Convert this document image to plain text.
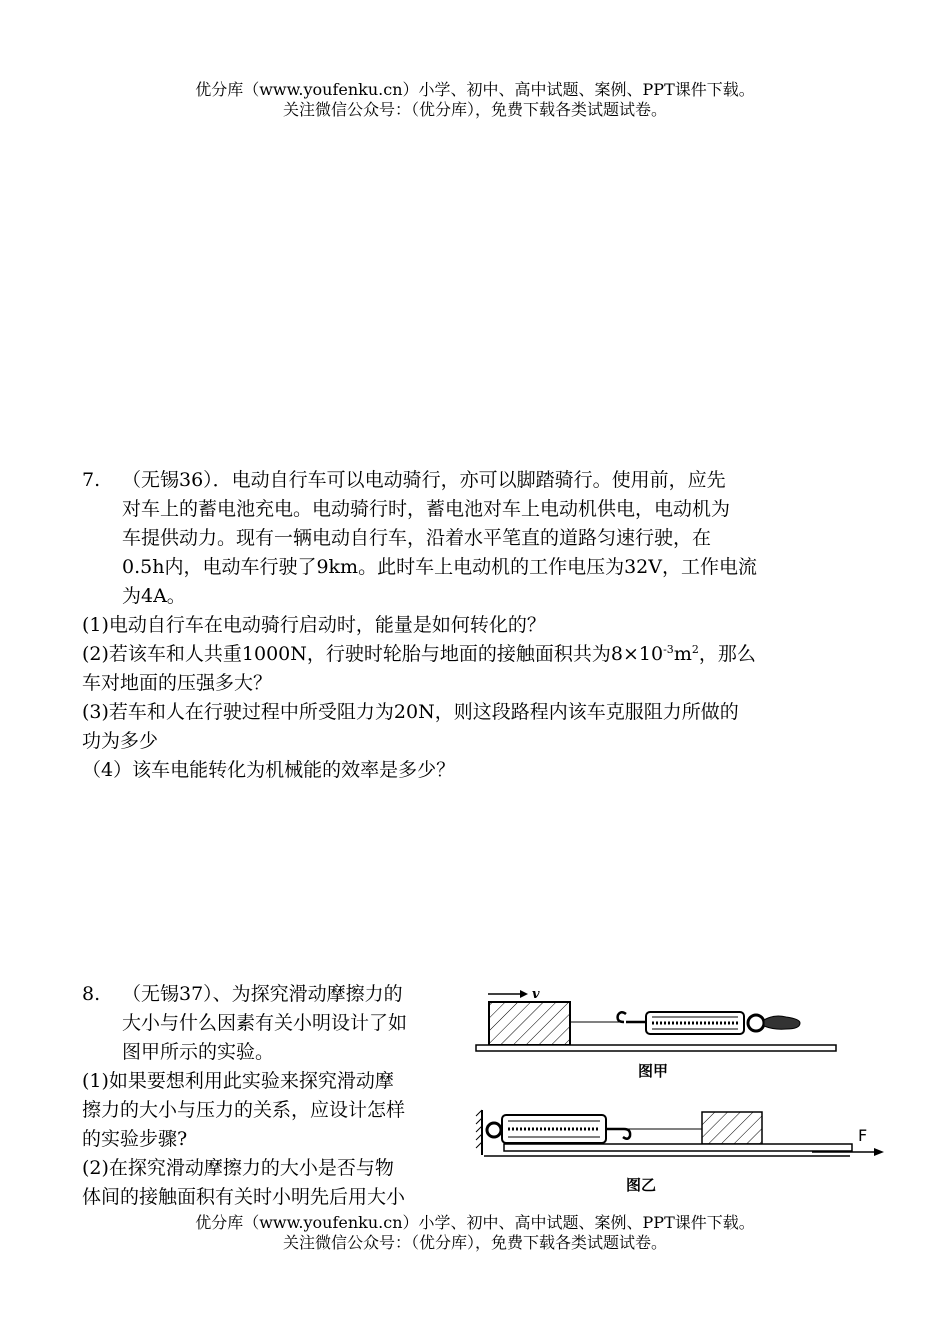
优分库（www.youfenku.cn）小学、初中、高中试题、案例、PPT课件下载。
关注微信公众号：（优分库），免费下载各类试题试卷。
7. （无锡36）．电动自行车可以电动骑行，亦可以脚踏骑行。使用前，应先
对车上的蓄电池充电。电动骑行时，蓄电池对车上电动机供电，电动机为
车提供动力。现有一辆电动自行车，沿着水平笔直的道路匀速行驶，在
0.5h内，电动车行驶了9km。此时车上电动机的工作电压为32V，工作电流
为4A。
(1)电动自行车在电动骑行启动时，能量是如何转化的？
(2)若该车和人共重1000N，行驶时轮胎与地面的接触面积共为$8\times 10^{-3}m^2$，那么
车对地面的压强多大？
(3)若车和人在行驶过程中所受阻力为20N，则这段路程内该车克服阻力所做的
功为多少
（4）该车电能转化为机械能的效率是多少？
8. （无锡37）、为探究滑动摩擦力的
大小与什么因素有关小明设计了如
图甲所示的实验。
(1)如果要想利用此实验来探究滑动摩
擦力的大小与压力的关系，应设计怎样
的实验步骤?
(2)在探究滑动摩擦力的大小是否与物
体间的接触面积有关时小明先后用大小
v
图甲
F
图乙
优分库（www.youfenku.cn）小学、初中、高中试题、案例、PPT课件下载。
关注微信公众号：（优分库），免费下载各类试题试卷。
